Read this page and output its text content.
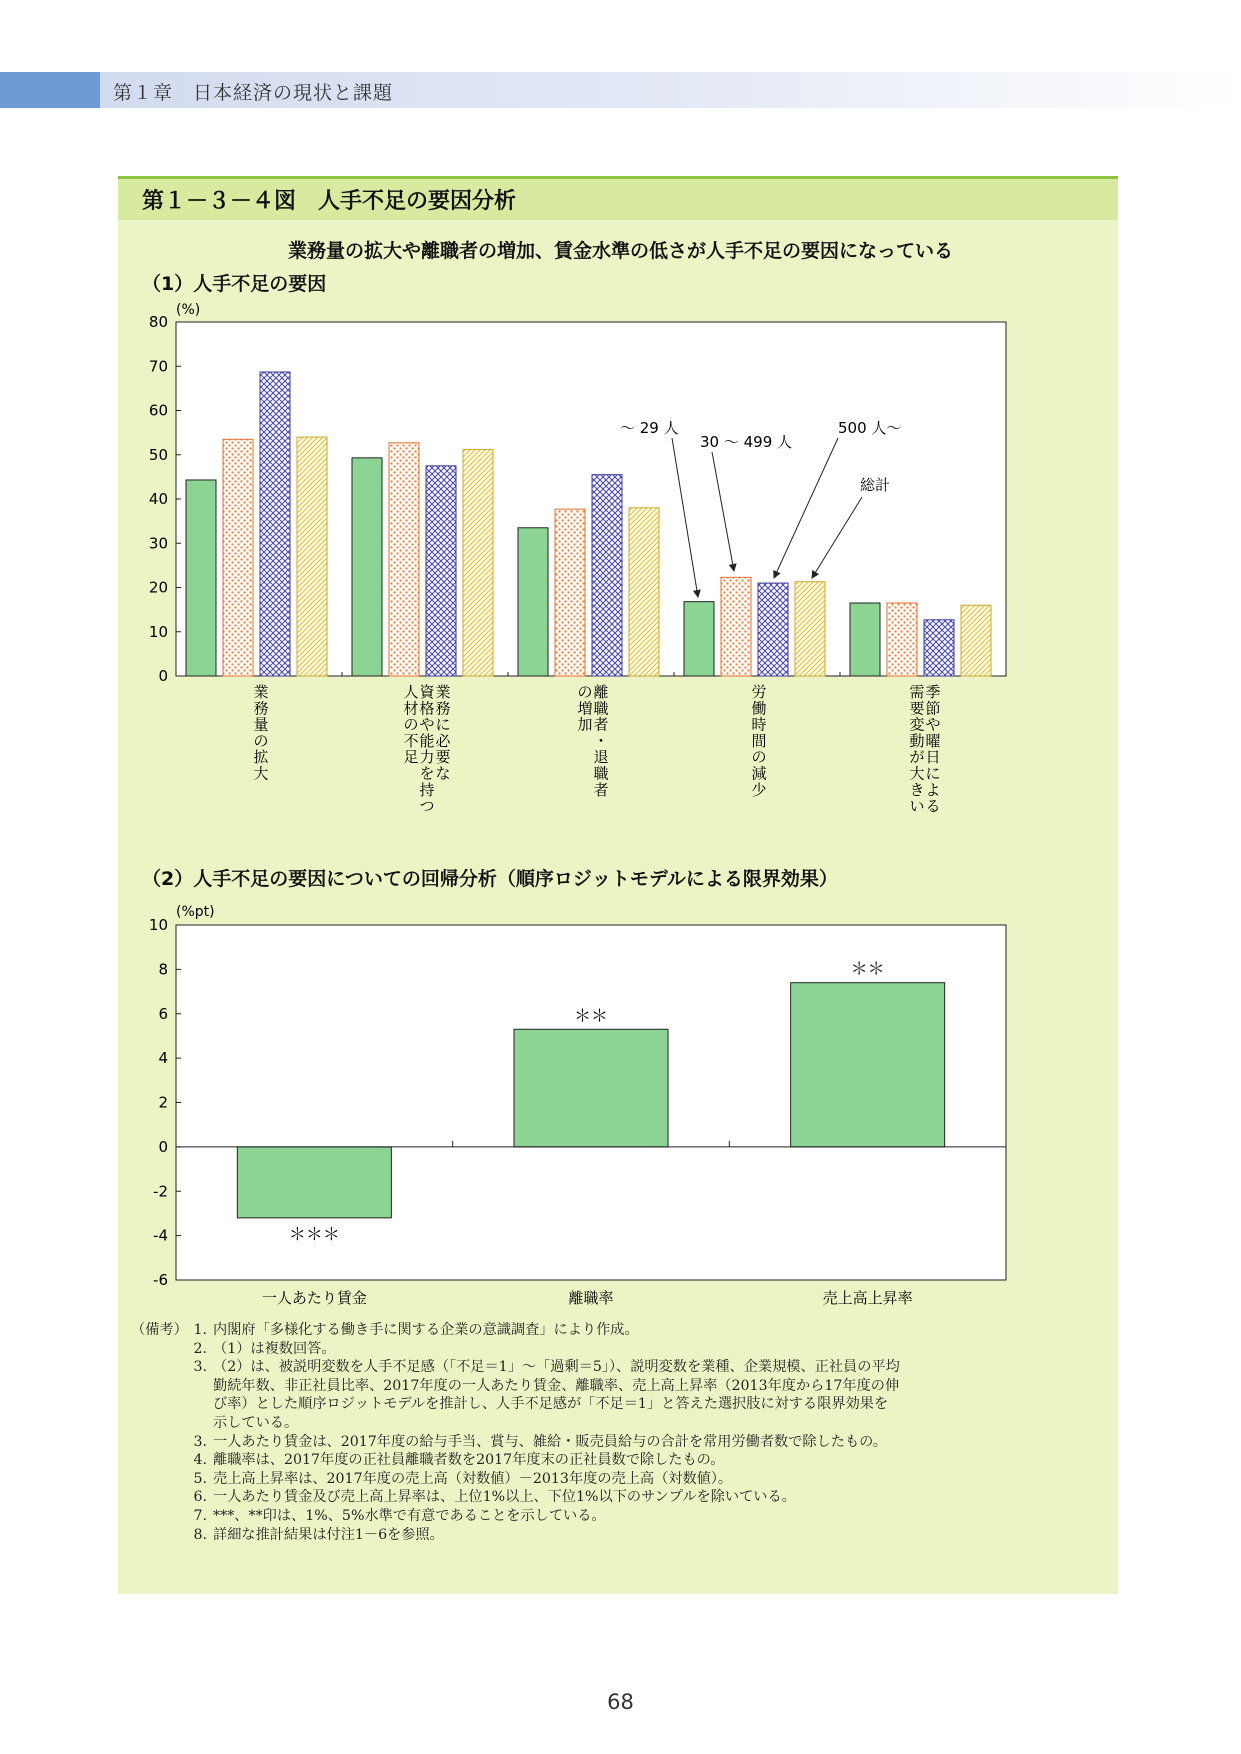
第１章　日本経済の現状と課題
第１－３－４図　人手不足の要因分析
業務量の拡大や離職者の増加、賃金水準の低さが人手不足の要因になっている
（1）人手不足の要因
（2）人手不足の要因についての回帰分析（順序ロジットモデルによる限界効果）
80
70
60
50
40
30
20
10
0
業
務
量
の
拡
大
業
務
に
必
要
な
資
格
や
能
力
を
持
つ
人
材
の
不
足
離
職
者
・
退
職
者
の
増
加
労
働
時
間
の
減
少
季
節
や
曜
日
に
よ
る
需
要
変
動
が
大
き
い
(%)
～ 29 人
30 ～ 499 人
500 人～
総計
10
8
6
4
2
0
-2
-4
-6
＊＊＊
＊＊
＊＊
一人あたり賃金	離職率	売上高上昇率
(%pt)
（備考） 1. 内閣府「多様化する働き手に関する企業の意識調査」により作成。
2. （1）は複数回答。
3. （2）は、被説明変数を人手不足感（「不足＝1」～「過剰＝5」）、説明変数を業種、企業規模、正社員の平均
勤続年数、非正社員比率、2017年度の一人あたり賃金、離職率、売上高上昇率（2013年度から17年度の伸
び率）とした順序ロジットモデルを推計し、人手不足感が「不足＝1」と答えた選択肢に対する限界効果を
示している。
3. 一人あたり賃金は、2017年度の給与手当、賞与、雑給・販売員給与の合計を常用労働者数で除したもの。
4. 離職率は、2017年度の正社員離職者数を2017年度末の正社員数で除したもの。
5. 売上高上昇率は、2017年度の売上高（対数値）－2013年度の売上高（対数値）。
6. 一人あたり賃金及び売上高上昇率は、上位1%以上、下位1%以下のサンプルを除いている。
7. ***、**印は、1%、5%水準で有意であることを示している。
8. 詳細な推計結果は付注1－6を参照。
68
